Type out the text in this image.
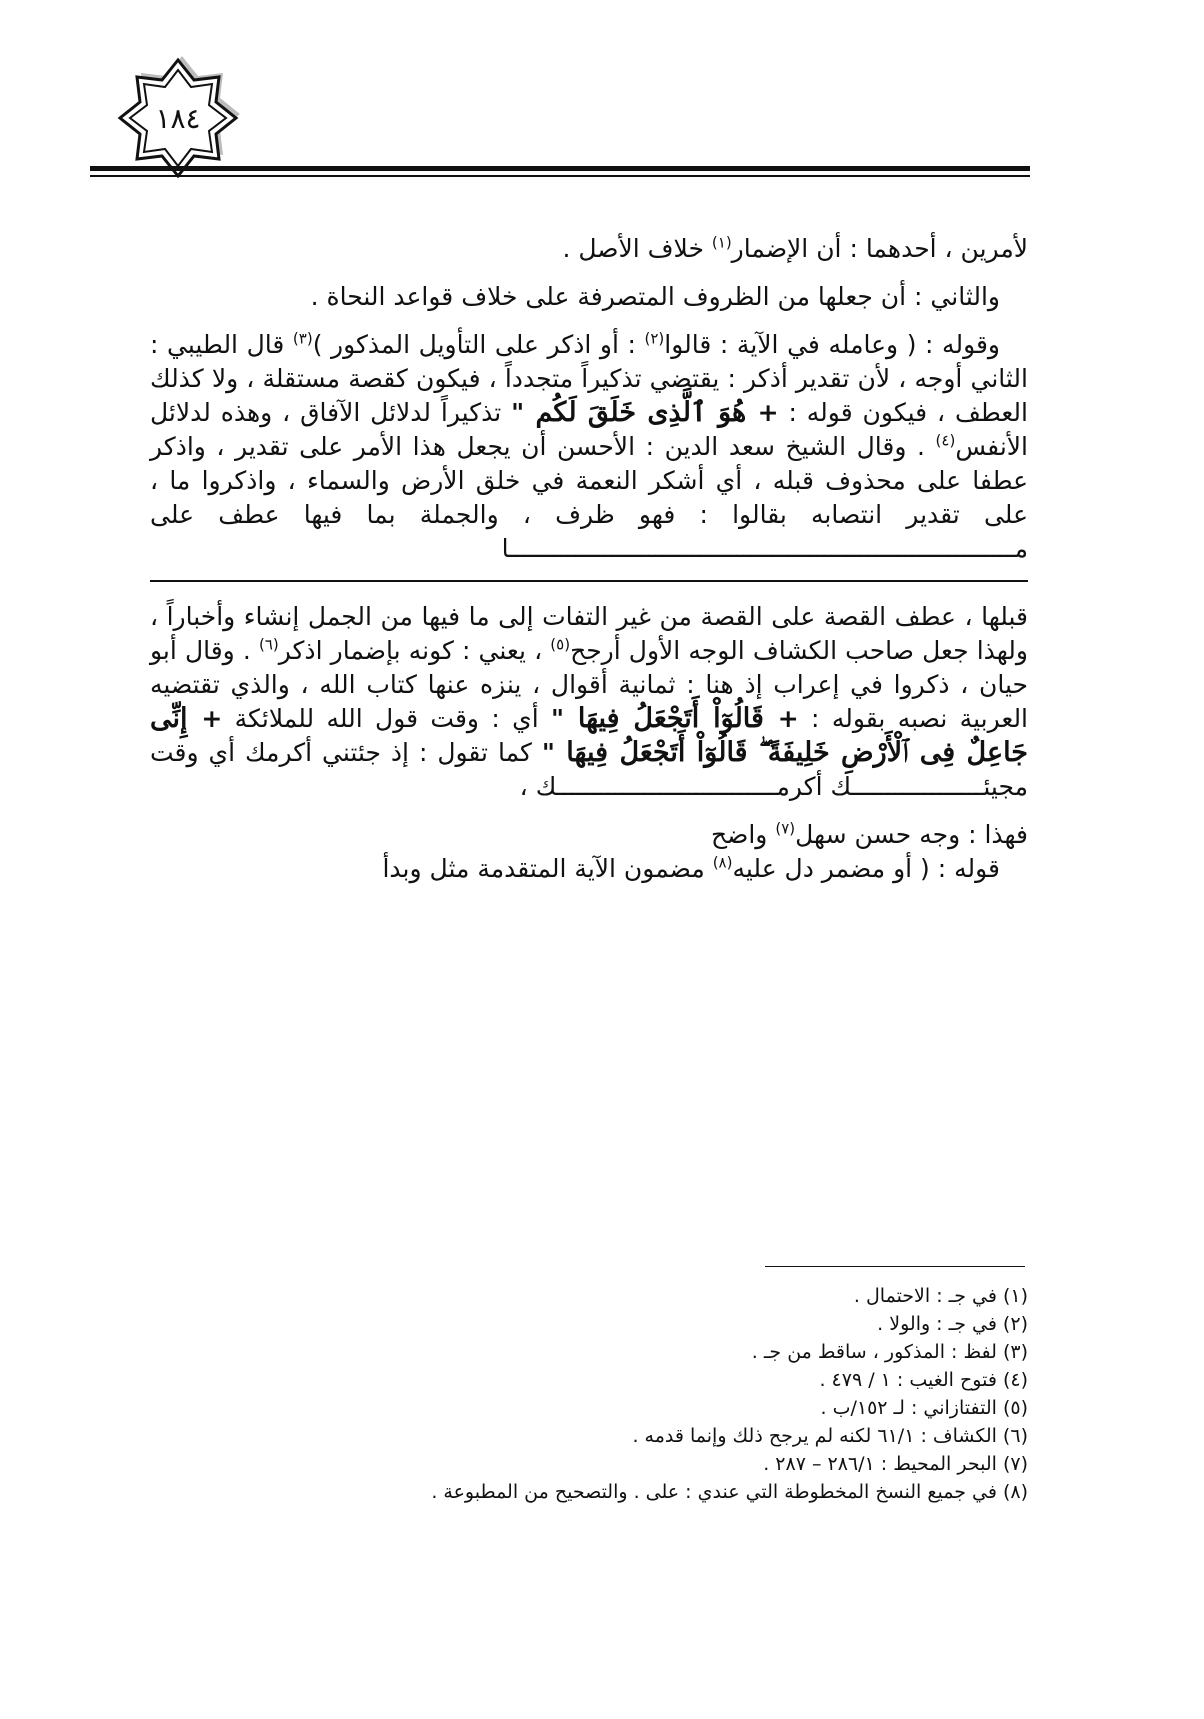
١٨٤

لأمرين ، أحدهما : أن الإضمار$^{(١)}$ خلاف الأصل .

والثاني : أن جعلها من الظروف المتصرفة على خلاف قواعد النحاة .

وقوله : ( وعامله في الآية : قالوا$^{(٢)}$ : أو اذكر على التأويل المذكور )$^{(٣)}$ قال الطيبي : الثاني أوجه ، لأن تقدير أذكر : يقتضي تذكيراً متجدداً ، فيكون كقصة مستقلة ، ولا كذلك العطف ، فيكون قوله : + هُوَ ٱلَّذِى خَلَقَ لَكُم " تذكيراً لدلائل الآفاق ، وهذه لدلائل الأنفس$^{(٤)}$ . وقال الشيخ سعد الدين : الأحسن أن يجعل هذا الأمر على تقدير ، واذكر عطفا على محذوف قبله ، أي أشكر النعمة في خلق الأرض والسماء ، واذكروا ما ، على تقدير انتصابه بقالوا : فهو ظرف ، والجملة بما فيها عطف على مـــــــــــــــــــــــــــــــــــــــــــــــــــــــــــــــــــــا

قبلها ، عطف القصة على القصة من غير التفات إلى ما فيها من الجمل إنشاء وأخباراً ، ولهذا جعل صاحب الكشاف الوجه الأول أرجح$^{(٥)}$ ، يعني : كونه بإضمار اذكر$^{(٦)}$ . وقال أبو حيان ، ذكروا في إعراب إذ هنا : ثمانية أقوال ، ينزه عنها كتاب الله ، والذي تقتضيه العربية نصبه بقوله : + قَالُوٓاْ أَتَجْعَلُ فِيهَا " أي : وقت قول الله للملائكة + إِنِّى جَاعِلٌ فِى ٱلْأَرْضِ خَلِيفَةً ۖ قَالُوٓاْ أَتَجْعَلُ فِيهَا " كما تقول : إذ جئتني أكرمك أي وقت مجيئــــــــــــــــــك أكرمــــــــــــــــــــــــــــــك ،

فهذا : وجه حسن سهل$^{(٧)}$ واضح

قوله : ( أو مضمر دل عليه$^{(٨)}$ مضمون الآية المتقدمة مثل وبدأ

(١) في جـ : الاحتمال .
(٢) في جـ : والولا .
(٣) لفظ : المذكور ، ساقط من جـ .
(٤) فتوح الغيب : ١ / ٤٧٩ .
(٥) التفتازاني : لـ ١٥٢/ب .
(٦) الكشاف : ٦١/١ لكنه لم يرجح ذلك وإنما قدمه .
(٧) البحر المحيط : ٢٨٦/١ – ٢٨٧ .
(٨) في جميع النسخ المخطوطة التي عندي : على . والتصحيح من المطبوعة .
